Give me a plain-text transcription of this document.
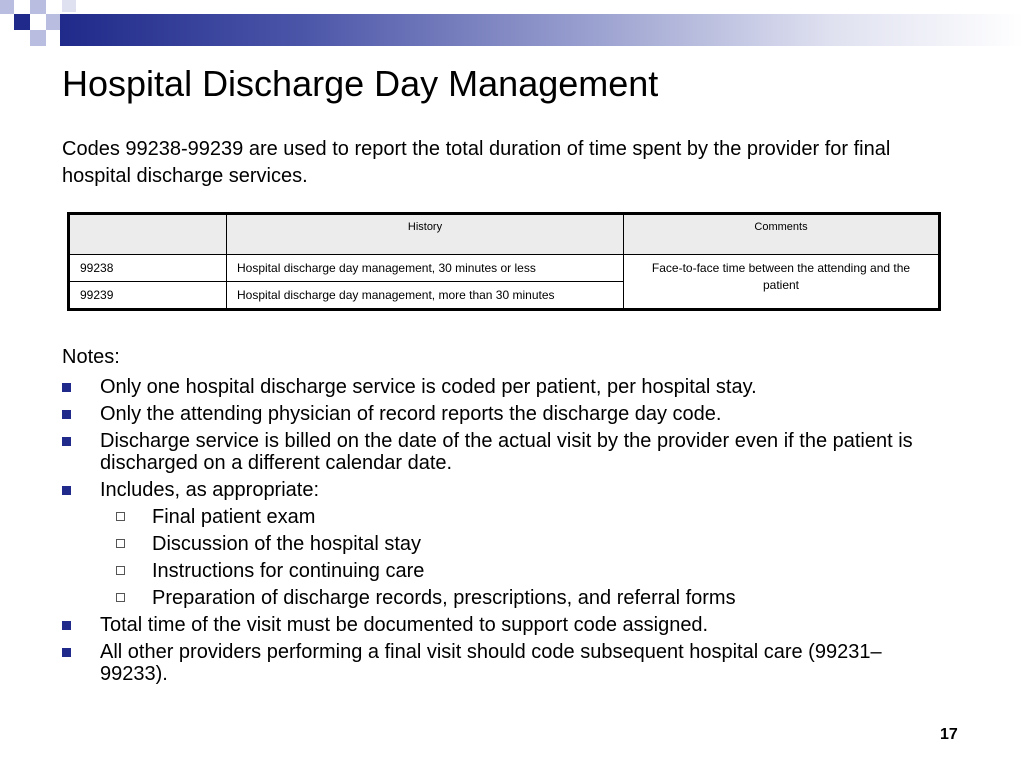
Hospital Discharge Day Management

Codes 99238-99239 are used to report the total duration of time spent by the provider for final hospital discharge services.

	History	Comments
99238	Hospital discharge day management, 30 minutes or less	Face-to-face time between the attending and the patient
99239	Hospital discharge day management, more than 30 minutes	

Notes:

Only one hospital discharge service is coded per patient, per hospital stay.
Only the attending physician of record reports the discharge day code.
Discharge service is billed on the date of the actual visit by the provider even if the patient is discharged on a different calendar date.
Includes, as appropriate:
Final patient exam
Discussion of the hospital stay
Instructions for continuing care
Preparation of discharge records, prescriptions, and referral forms
Total time of the visit must be documented to support code assigned.
All other providers performing a final visit should code subsequent hospital care (99231–99233).
17
